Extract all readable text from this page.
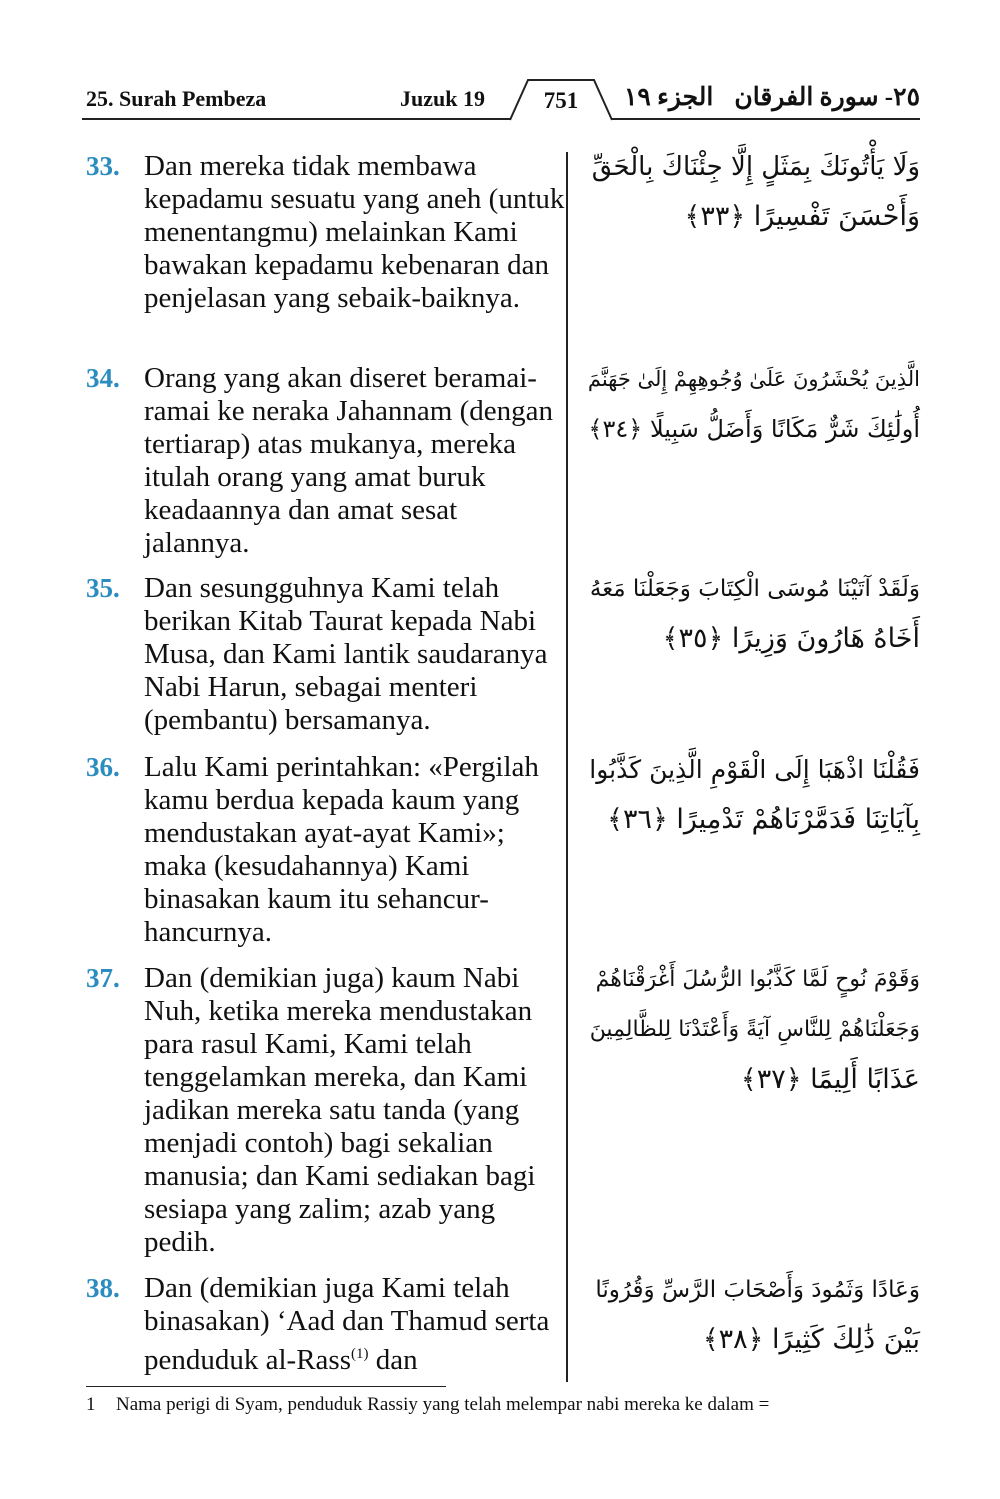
25. Surah Pembeza	Juzuk 19	الجزء ١٩ ٢٥- سورة الفرقان
751
33. Dan mereka tidak membawa kepadamu sesuatu yang aneh (untuk menentangmu) melainkan Kami bawakan kepadamu kebenaran dan penjelasan yang sebaik-baiknya.
وَلَا يَأْتُونَكَ بِمَثَلٍ إِلَّا جِئْنَاكَ بِالْحَقِّ
وَأَحْسَنَ تَفْسِيرًا ﴿٣٣﴾
34. Orang yang akan diseret beramai-ramai ke neraka Jahannam (dengan tertiarap) atas mukanya, mereka itulah orang yang amat buruk keadaannya dan amat sesat jalannya.
الَّذِينَ يُحْشَرُونَ عَلَىٰ وُجُوهِهِمْ إِلَىٰ جَهَنَّمَ
أُولَٰئِكَ شَرٌّ مَكَانًا وَأَضَلُّ سَبِيلًا ﴿٣٤﴾
35. Dan sesungguhnya Kami telah berikan Kitab Taurat kepada Nabi Musa, dan Kami lantik saudaranya Nabi Harun, sebagai menteri (pembantu) bersamanya.
وَلَقَدْ آتَيْنَا مُوسَى الْكِتَابَ وَجَعَلْنَا مَعَهُ
أَخَاهُ هَارُونَ وَزِيرًا ﴿٣٥﴾
36. Lalu Kami perintahkan: «Pergilah kamu berdua kepada kaum yang mendustakan ayat-ayat Kami»; maka (kesudahannya) Kami binasakan kaum itu sehancur-hancurnya.
فَقُلْنَا اذْهَبَا إِلَى الْقَوْمِ الَّذِينَ كَذَّبُوا
بِآيَاتِنَا فَدَمَّرْنَاهُمْ تَدْمِيرًا ﴿٣٦﴾
37. Dan (demikian juga) kaum Nabi Nuh, ketika mereka mendustakan para rasul Kami, Kami telah tenggelamkan mereka, dan Kami jadikan mereka satu tanda (yang menjadi contoh) bagi sekalian manusia; dan Kami sediakan bagi sesiapa yang zalim; azab yang pedih.
وَقَوْمَ نُوحٍ لَمَّا كَذَّبُوا الرُّسُلَ أَغْرَقْنَاهُمْ
وَجَعَلْنَاهُمْ لِلنَّاسِ آيَةً وَأَعْتَدْنَا لِلظَّالِمِينَ
عَذَابًا أَلِيمًا ﴿٣٧﴾
38. Dan (demikian juga Kami telah binasakan) ‘Aad dan Thamud serta penduduk al-Rass$^{(1)}$ dan
وَعَادًا وَثَمُودَ وَأَصْحَابَ الرَّسِّ وَقُرُونًا
بَيْنَ ذَٰلِكَ كَثِيرًا ﴿٣٨﴾
1 Nama perigi di Syam, penduduk Rassiy yang telah melempar nabi mereka ke dalam =
